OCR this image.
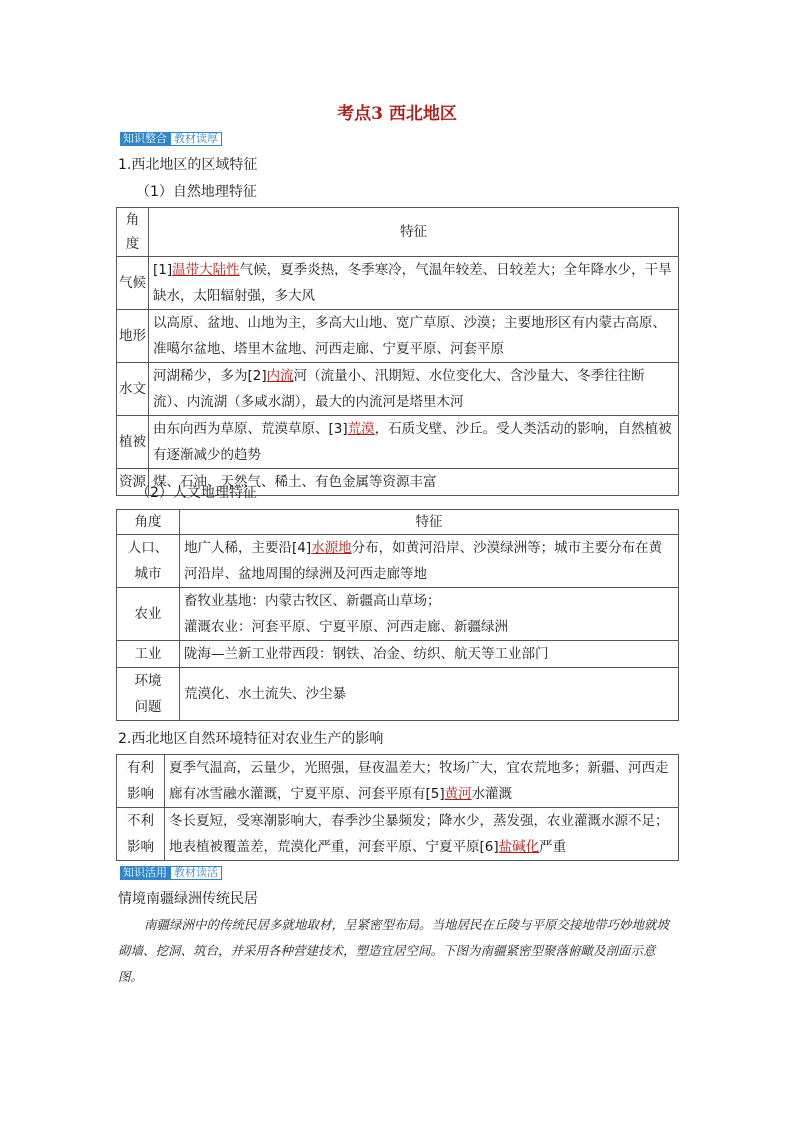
考点3 西北地区
知识整合 教材读厚
1.西北地区的区域特征
（1）自然地理特征
角度	特征
气候	[1]温带大陆性气候，夏季炎热，冬季寒冷，气温年较差、日较差大；全年降水少，干旱缺水，太阳辐射强，多大风
地形	以高原、盆地、山地为主，多高大山地、宽广草原、沙漠；主要地形区有内蒙古高原、准噶尔盆地、塔里木盆地、河西走廊、宁夏平原、河套平原
水文	河湖稀少，多为[2]内流河（流量小、汛期短、水位变化大、含沙量大、冬季往往断流）、内流湖（多咸水湖），最大的内流河是塔里木河
植被	由东向西为草原、荒漠草原、[3]荒漠，石质戈壁、沙丘。受人类活动的影响，自然植被有逐渐减少的趋势
资源	煤、石油、天然气、稀土、有色金属等资源丰富
（2）人文地理特征
角度	特征

人口、
城市	地广人稀，主要沿[4]水源地分布，如黄河沿岸、沙漠绿洲等；城市主要分布在黄河沿岸、盆地周围的绿洲及河西走廊等地
农业	畜牧业基地：内蒙古牧区、新疆高山草场；
灌溉农业：河套平原、宁夏平原、河西走廊、新疆绿洲

工业	陇海—兰新工业带西段：钢铁、冶金、纺织、航天等工业部门

环境
问题	荒漠化、水土流失、沙尘暴
2.西北地区自然环境特征对农业生产的影响
有利
影响	夏季气温高，云量少，光照强，昼夜温差大；牧场广大，宜农荒地多；新疆、河西走廊有冰雪融水灌溉，宁夏平原、河套平原有[5]黄河水灌溉

不利
影响	冬长夏短，受寒潮影响大，春季沙尘暴频发；降水少，蒸发强，农业灌溉水源不足；地表植被覆盖差，荒漠化严重，河套平原、宁夏平原[6]盐碱化严重
知识活用 教材读活
情境南疆绿洲传统民居
南疆绿洲中的传统民居多就地取材，呈紧密型布局。当地居民在丘陵与平原交接地带巧妙地就坡砌墙、挖洞、筑台，并采用各种营建技术，塑造宜居空间。下图为南疆紧密型聚落俯瞰及剖面示意图。
